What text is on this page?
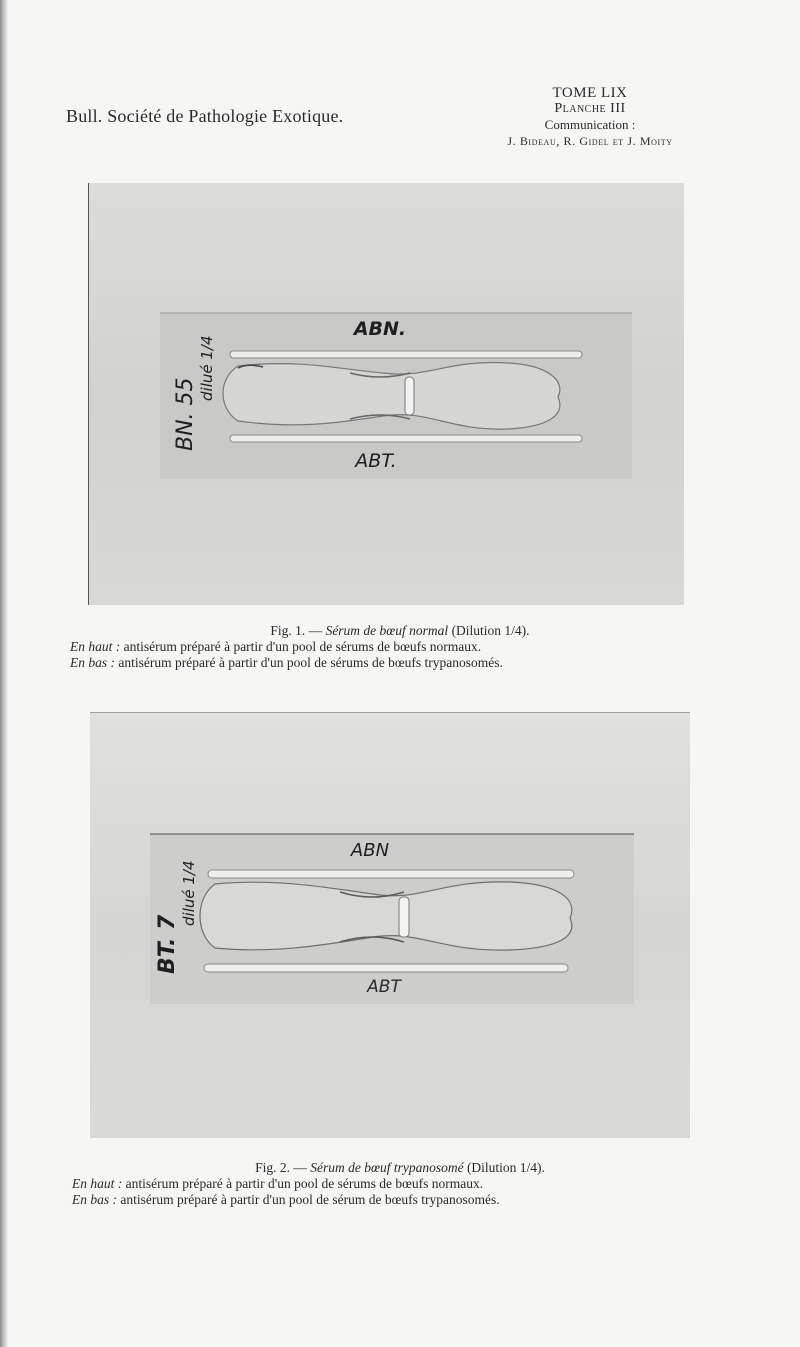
Bull. Société de Pathologie Exotique.
TOME LIX
Planche III
Communication :
J. Bideau, R. Gidel et J. Moity
ABN.
ABT.
BN. 55
dilué 1/4
Fig. 1. — Sérum de bœuf normal (Dilution 1/4).
En haut : antisérum préparé à partir d'un pool de sérums de bœufs normaux.
En bas : antisérum préparé à partir d'un pool de sérums de bœufs trypanosomés.
ABN
ABT
BT. 7
dilué 1/4
Fig. 2. — Sérum de bœuf trypanosomé (Dilution 1/4).
En haut : antisérum préparé à partir d'un pool de sérums de bœufs normaux.
En bas : antisérum préparé à partir d'un pool de sérum de bœufs trypanosomés.
